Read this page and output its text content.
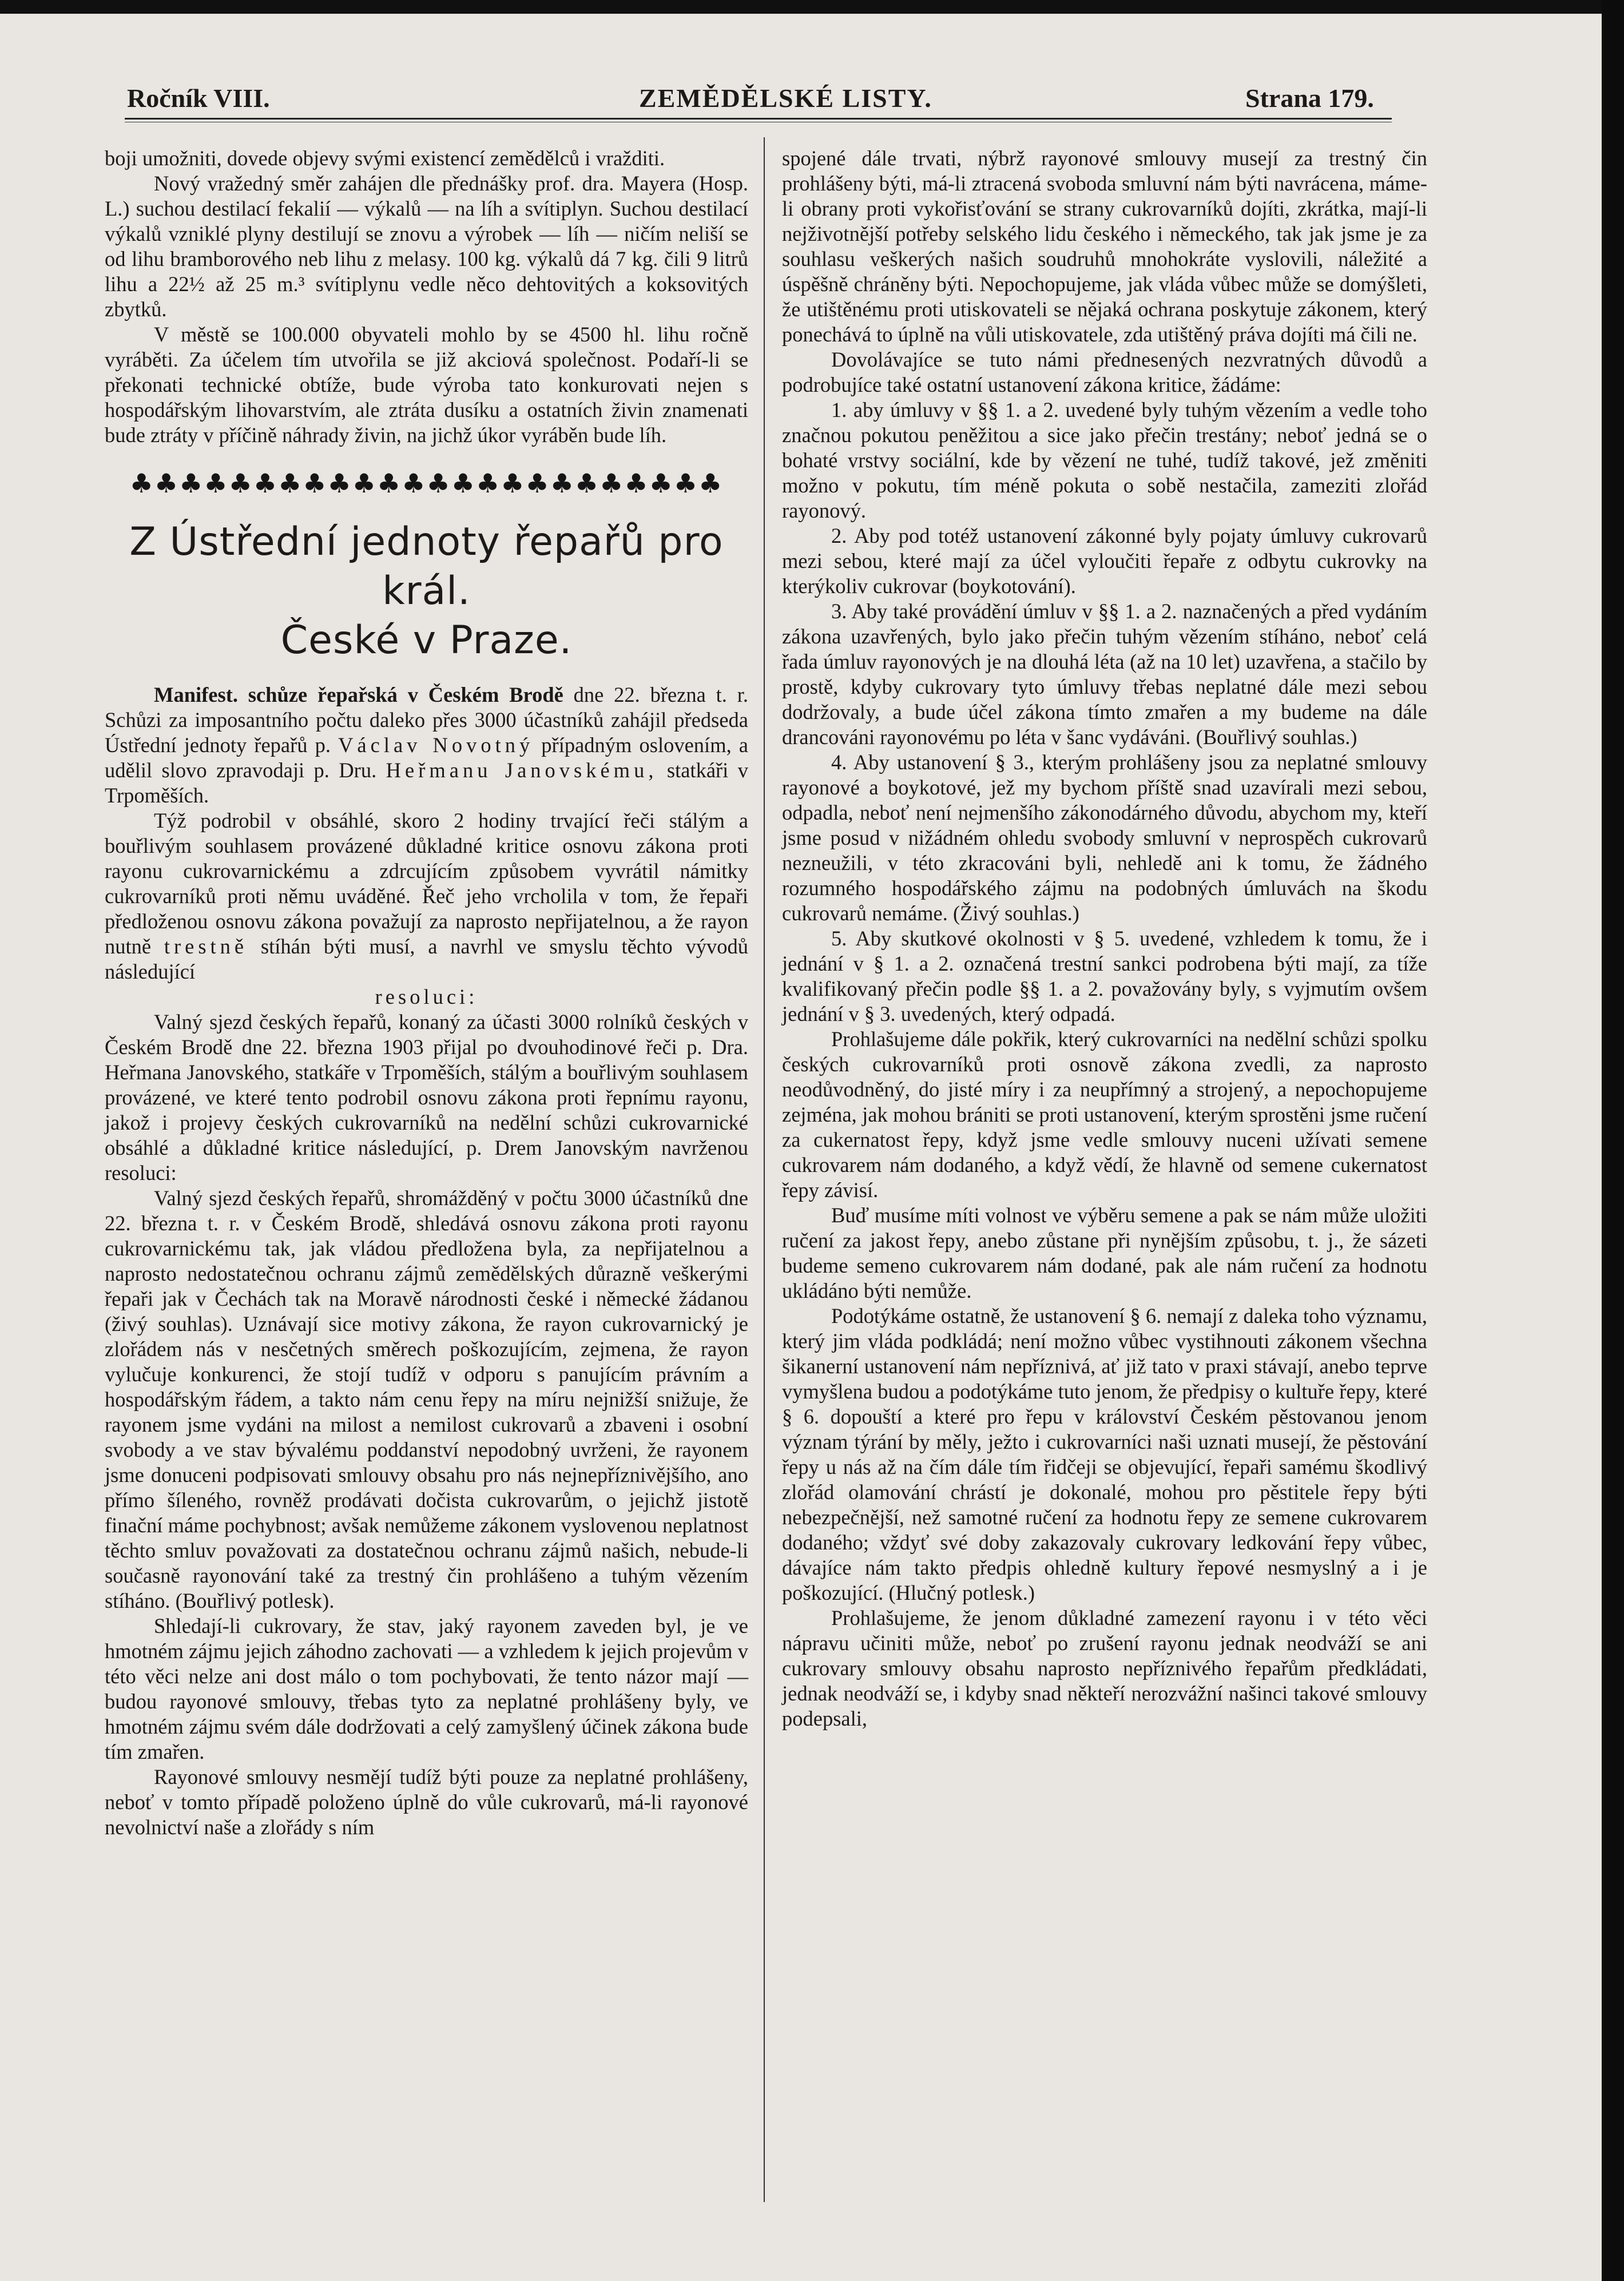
Ročník VIII.	ZEMĚDĚLSKÉ LISTY.	Strana 179.

boji umožniti, dovede objevy svými existencí zemědělců i vražditi.

Nový vražedný směr zahájen dle přednášky prof. dra. Mayera (Hosp. L.) suchou destilací fekalií — výkalů — na líh a svítiplyn. Suchou destilací výkalů vzniklé plyny destilují se znovu a výrobek — líh — ničím neliší se od lihu bramborového neb lihu z melasy. 100 kg. výkalů dá 7 kg. čili 9 litrů lihu a 22½ až 25 m.³ svítiplynu vedle něco dehtovitých a koksovitých zbytků.

V městě se 100.000 obyvateli mohlo by se 4500 hl. lihu ročně vyráběti. Za účelem tím utvořila se již akciová společnost. Podaří-li se překonati technické obtíže, bude výroba tato konkurovati nejen s hospodářským lihovarstvím, ale ztráta dusíku a ostatních živin znamenati bude ztráty v příčině náhrady živin, na jichž úkor vyráběn bude líh.

♣♣♣♣♣♣♣♣♣♣♣♣♣♣♣♣♣♣♣♣♣♣♣♣
Z Ústřední jednoty řepařů pro král.
České v Praze.

Manifest. schůze řepařská v Českém Brodě dne 22. března t. r. Schůzi za imposantního počtu daleko přes 3000 účastníků zahájil předseda Ústřední jednoty řepařů p. Václav Novotný případným oslovením, a udělil slovo zpravodaji p. Dru. Heřmanu Janovskému, statkáři v Trpoměších.

Týž podrobil v obsáhlé, skoro 2 hodiny trvající řeči stálým a bouřlivým souhlasem provázené důkladné kritice osnovu zákona proti rayonu cukrovarnickému a zdrcujícím způsobem vyvrátil námitky cukrovarníků proti němu uváděné. Řeč jeho vrcholila v tom, že řepaři předloženou osnovu zákona považují za naprosto nepřijatelnou, a že rayon nutně trestně stíhán býti musí, a navrhl ve smyslu těchto vývodů následující

resoluci:

Valný sjezd českých řepařů, konaný za účasti 3000 rolníků českých v Českém Brodě dne 22. března 1903 přijal po dvouhodinové řeči p. Dra. Heřmana Janovského, statkáře v Trpoměších, stálým a bouřlivým souhlasem provázené, ve které tento podrobil osnovu zákona proti řepnímu rayonu, jakož i projevy českých cukrovarníků na nedělní schůzi cukrovarnické obsáhlé a důkladné kritice následující, p. Drem Janovským navrženou resoluci:

Valný sjezd českých řepařů, shromážděný v počtu 3000 účastníků dne 22. března t. r. v Českém Brodě, shledává osnovu zákona proti rayonu cukrovarnickému tak, jak vládou předložena byla, za nepřijatelnou a naprosto nedostatečnou ochranu zájmů zemědělských důrazně veškerými řepaři jak v Čechách tak na Moravě národnosti české i německé žádanou (živý souhlas). Uznávají sice motivy zákona, že rayon cukrovarnický je zlořádem nás v nesčetných směrech poškozujícím, zejmena, že rayon vylučuje konkurenci, že stojí tudíž v odporu s panujícím právním a hospodářským řádem, a takto nám cenu řepy na míru nejnižší snižuje, že rayonem jsme vydáni na milost a nemilost cukrovarů a zbaveni i osobní svobody a ve stav bývalému poddanství nepodobný uvrženi, že rayonem jsme donuceni podpisovati smlouvy obsahu pro nás nejnepříznivějšího, ano přímo šíleného, rovněž prodávati dočista cukrovarům, o jejichž jistotě finační máme pochybnost; avšak nemůžeme zákonem vyslovenou neplatnost těchto smluv považovati za dostatečnou ochranu zájmů našich, nebude-li současně rayonování také za trestný čin prohlášeno a tuhým vězením stíháno. (Bouřlivý potlesk).

Shledají-li cukrovary, že stav, jaký rayonem zaveden byl, je ve hmotném zájmu jejich záhodno zachovati — a vzhledem k jejich projevům v této věci nelze ani dost málo o tom pochybovati, že tento názor mají — budou rayonové smlouvy, třebas tyto za neplatné prohlášeny byly, ve hmotném zájmu svém dále dodržovati a celý zamyšlený účinek zákona bude tím zmařen.

Rayonové smlouvy nesmějí tudíž býti pouze za neplatné prohlášeny, neboť v tomto případě položeno úplně do vůle cukrovarů, má-li rayonové nevolnictví naše a zlořády s ním

spojené dále trvati, nýbrž rayonové smlouvy musejí za trestný čin prohlášeny býti, má-li ztracená svoboda smluvní nám býti navrácena, máme-li obrany proti vykořisťování se strany cukrovarníků dojíti, zkrátka, mají-li nejživotnější potřeby selského lidu českého i německého, tak jak jsme je za souhlasu veškerých našich soudruhů mnohokráte vyslovili, náležité a úspěšně chráněny býti. Nepochopujeme, jak vláda vůbec může se domýšleti, že utištěnému proti utiskovateli se nějaká ochrana poskytuje zákonem, který ponechává to úplně na vůli utiskovatele, zda utištěný práva dojíti má čili ne.

Dovolávajíce se tuto námi přednesených nezvratných důvodů a podrobujíce také ostatní ustanovení zákona kritice, žádáme:

1. aby úmluvy v §§ 1. a 2. uvedené byly tuhým vězením a vedle toho značnou pokutou peněžitou a sice jako přečin trestány; neboť jedná se o bohaté vrstvy sociální, kde by vězení ne tuhé, tudíž takové, jež změniti možno v pokutu, tím méně pokuta o sobě nestačila, zameziti zlořád rayonový.

2. Aby pod totéž ustanovení zákonné byly pojaty úmluvy cukrovarů mezi sebou, které mají za účel vyloučiti řepaře z odbytu cukrovky na kterýkoliv cukrovar (boykotování).

3. Aby také provádění úmluv v §§ 1. a 2. naznačených a před vydáním zákona uzavřených, bylo jako přečin tuhým vězením stíháno, neboť celá řada úmluv rayonových je na dlouhá léta (až na 10 let) uzavřena, a stačilo by prostě, kdyby cukrovary tyto úmluvy třebas neplatné dále mezi sebou dodržovaly, a bude účel zákona tímto zmařen a my budeme na dále drancováni rayonovému po léta v šanc vydáváni. (Bouřlivý souhlas.)

4. Aby ustanovení § 3., kterým prohlášeny jsou za neplatné smlouvy rayonové a boykotové, jež my bychom příště snad uzavírali mezi sebou, odpadla, neboť není nejmenšího zákonodárného důvodu, abychom my, kteří jsme posud v nižádném ohledu svobody smluvní v neprospěch cukrovarů nezneužili, v této zkracováni byli, nehledě ani k tomu, že žádného rozumného hospodářského zájmu na podobných úmluvách na škodu cukrovarů nemáme. (Živý souhlas.)

5. Aby skutkové okolnosti v § 5. uvedené, vzhledem k tomu, že i jednání v § 1. a 2. označená trestní sankci podrobena býti mají, za tíže kvalifikovaný přečin podle §§ 1. a 2. považovány byly, s vyjmutím ovšem jednání v § 3. uvedených, který odpadá.

Prohlašujeme dále pokřik, který cukrovarníci na nedělní schůzi spolku českých cukrovarníků proti osnově zákona zvedli, za naprosto neodůvodněný, do jisté míry i za neupřímný a strojený, a nepochopujeme zejména, jak mohou brániti se proti ustanovení, kterým sprostěni jsme ručení za cukernatost řepy, když jsme vedle smlouvy nuceni užívati semene cukrovarem nám dodaného, a když vědí, že hlavně od semene cukernatost řepy závisí.

Buď musíme míti volnost ve výběru semene a pak se nám může uložiti ručení za jakost řepy, anebo zůstane při nynějším způsobu, t. j., že sázeti budeme semeno cukrovarem nám dodané, pak ale nám ručení za hodnotu ukládáno býti nemůže.

Podotýkáme ostatně, že ustanovení § 6. nemají z daleka toho významu, který jim vláda podkládá; není možno vůbec vystihnouti zákonem všechna šikanerní ustanovení nám nepříznivá, ať již tato v praxi stávají, anebo teprve vymyšlena budou a podotýkáme tuto jenom, že předpisy o kultuře řepy, které § 6. dopouští a které pro řepu v království Českém pěstovanou jenom význam týrání by měly, ježto i cukrovarníci naši uznati musejí, že pěstování řepy u nás až na čím dále tím řidčeji se objevující, řepaři samému škodlivý zlořád olamování chrástí je dokonalé, mohou pro pěstitele řepy býti nebezpečnější, než samotné ručení za hodnotu řepy ze semene cukrovarem dodaného; vždyť své doby zakazovaly cukrovary ledkování řepy vůbec, dávajíce nám takto předpis ohledně kultury řepové nesmyslný a i je poškozující. (Hlučný potlesk.)

Prohlašujeme, že jenom důkladné zamezení rayonu i v této věci nápravu učiniti může, neboť po zrušení rayonu jednak neodváží se ani cukrovary smlouvy obsahu naprosto nepříznivého řepařům předkládati, jednak neodváží se, i kdyby snad někteří nerozvážní našinci takové smlouvy podepsali,
